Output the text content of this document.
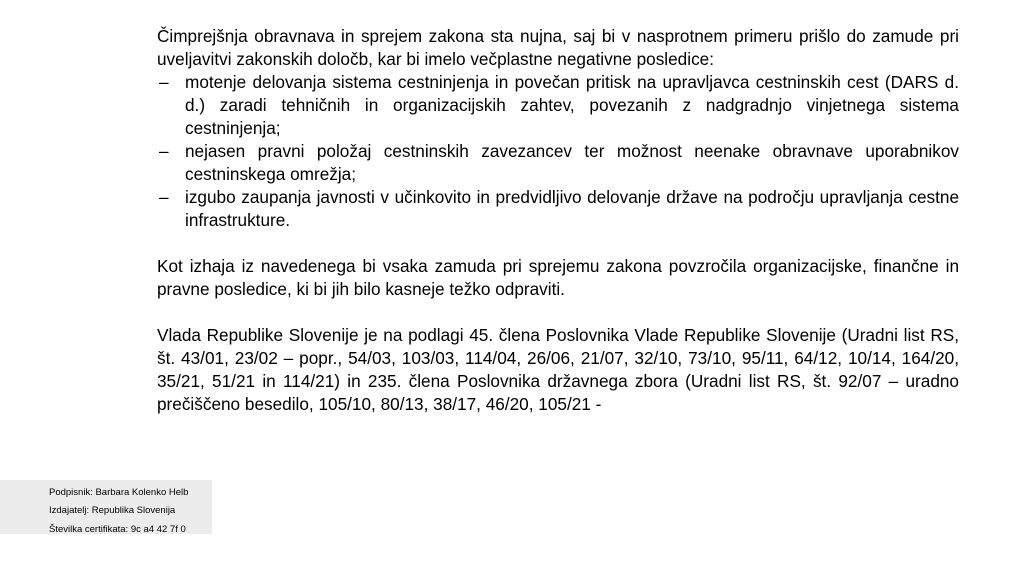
Čimprejšnja obravnava in sprejem zakona sta nujna, saj bi v nasprotnem primeru prišlo do zamude pri uveljavitvi zakonskih določb, kar bi imelo večplastne negativne posledice:

– motenje delovanja sistema cestninjenja in povečan pritisk na upravljavca cestninskih cest (DARS d. d.) zaradi tehničnih in organizacijskih zahtev, povezanih z nadgradnjo vinjetnega sistema cestninjenja;
– nejasen pravni položaj cestninskih zavezancev ter možnost neenake obravnave uporabnikov cestninskega omrežja;
– izgubo zaupanja javnosti v učinkovito in predvidljivo delovanje države na področju upravljanja cestne infrastrukture.

Kot izhaja iz navedenega bi vsaka zamuda pri sprejemu zakona povzročila organizacijske, finančne in pravne posledice, ki bi jih bilo kasneje težko odpraviti.

Vlada Republike Slovenije je na podlagi 45. člena Poslovnika Vlade Republike Slovenije (Uradni list RS, št. 43/01, 23/02 – popr., 54/03, 103/03, 114/04, 26/06, 21/07, 32/10, 73/10, 95/11, 64/12, 10/14, 164/20, 35/21, 51/21 in 114/21) in 235. člena Poslovnika državnega zbora (Uradni list RS, št. 92/07 – uradno prečiščeno besedilo, 105/10, 80/13, 38/17, 46/20, 105/21 -

Podpisnik: Barbara Kolenko Helb
Izdajatelj: Republika Slovenija
Številka certifikata: 9c a4 42 7f 0
